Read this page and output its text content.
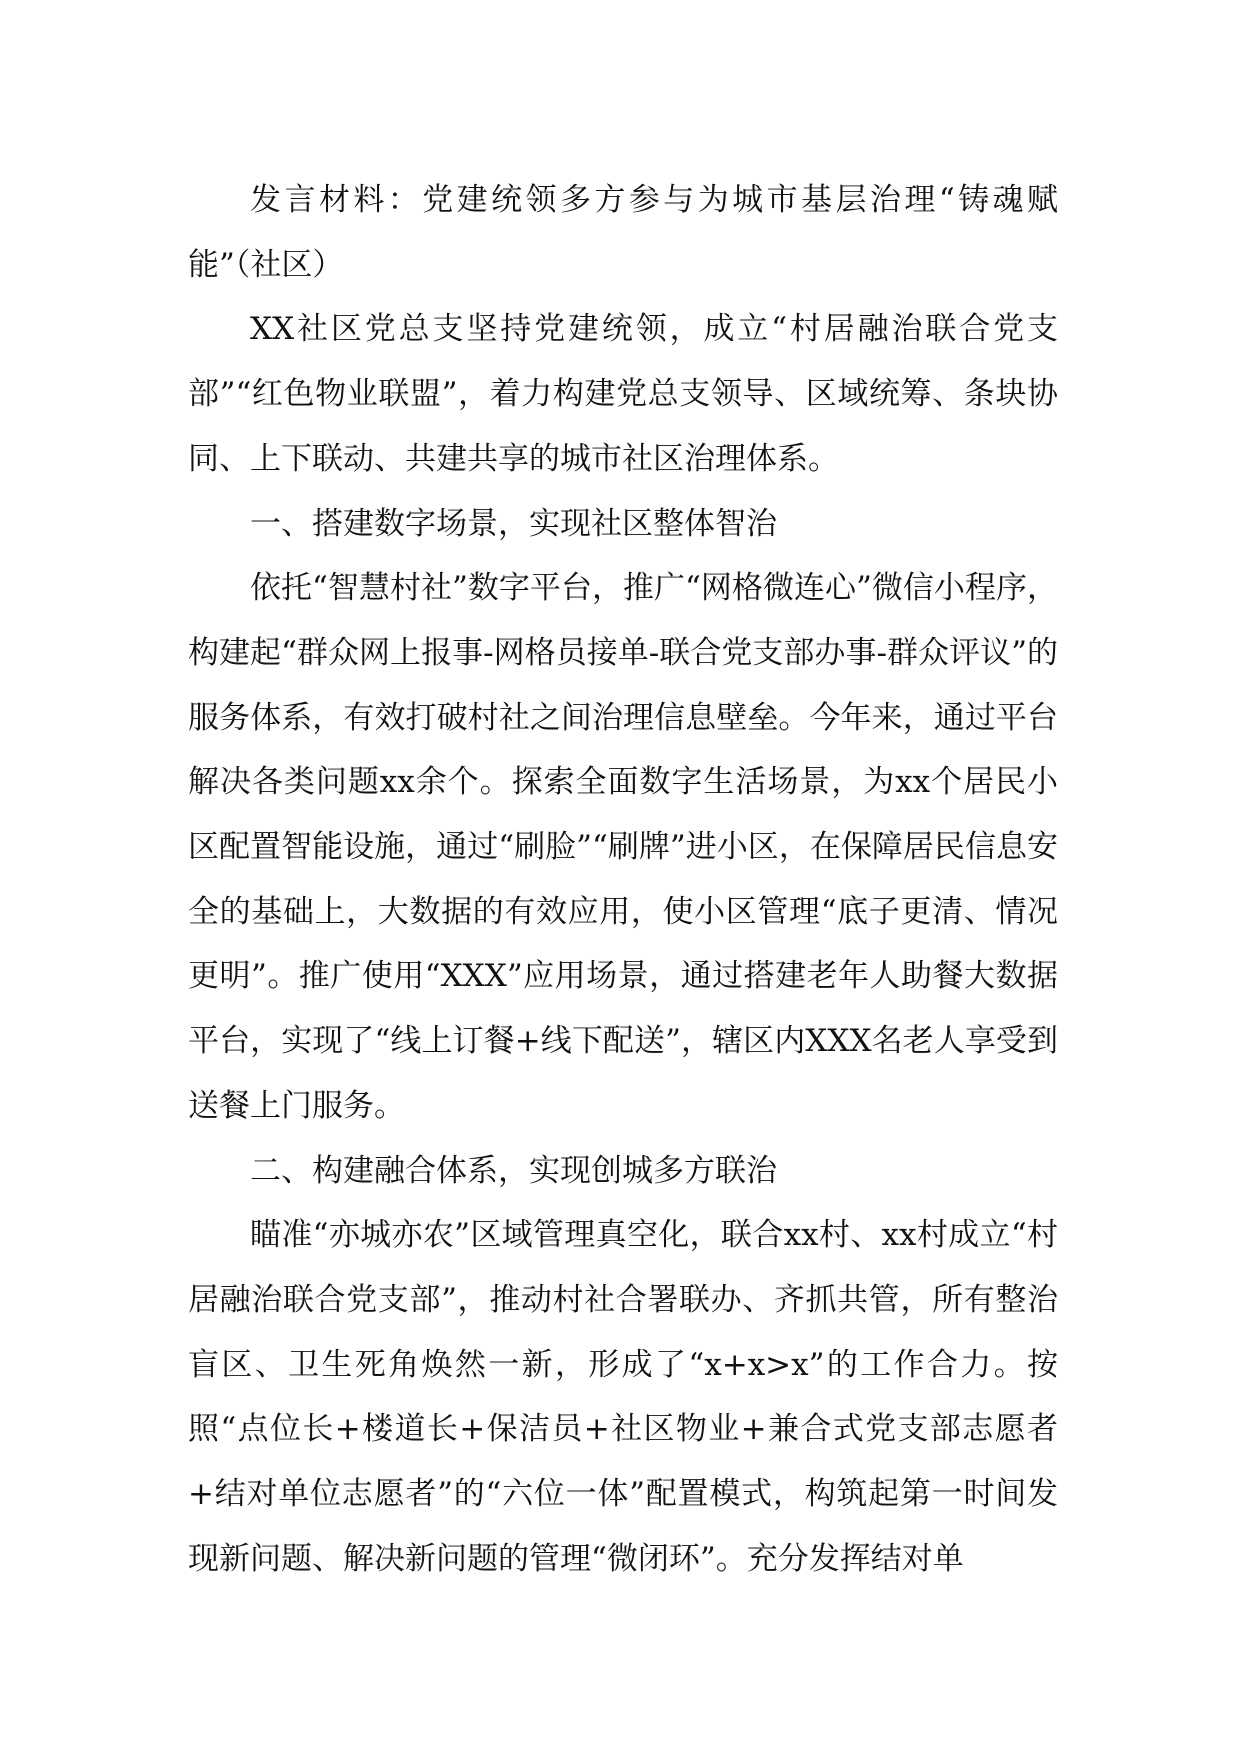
发言材料：党建统领多方参与为城市基层治理“铸魂赋能”（社区）

XX社区党总支坚持党建统领，成立“村居融治联合党支部”“红色物业联盟”，着力构建党总支领导、区域统筹、条块协同、上下联动、共建共享的城市社区治理体系。

一、搭建数字场景，实现社区整体智治

依托“智慧村社”数字平台，推广“网格微连心”微信小程序，构建起“群众网上报事-网格员接单-联合党支部办事-群众评议”的服务体系，有效打破村社之间治理信息壁垒。今年来，通过平台解决各类问题xx余个。探索全面数字生活场景，为xx个居民小区配置智能设施，通过“刷脸”“刷牌”进小区，在保障居民信息安全的基础上，大数据的有效应用，使小区管理“底子更清、情况更明”。推广使用“XXX”应用场景，通过搭建老年人助餐大数据平台，实现了“线上订餐+线下配送”，辖区内XXX名老人享受到送餐上门服务。

二、构建融合体系，实现创城多方联治

瞄准“亦城亦农”区域管理真空化，联合xx村、xx村成立“村居融治联合党支部”，推动村社合署联办、齐抓共管，所有整治盲区、卫生死角焕然一新，形成了“x+x>x”的工作合力。按照“点位长+楼道长+保洁员+社区物业+兼合式党支部志愿者+结对单位志愿者”的“六位一体”配置模式，构筑起第一时间发现新问题、解决新问题的管理“微闭环”。充分发挥结对单
